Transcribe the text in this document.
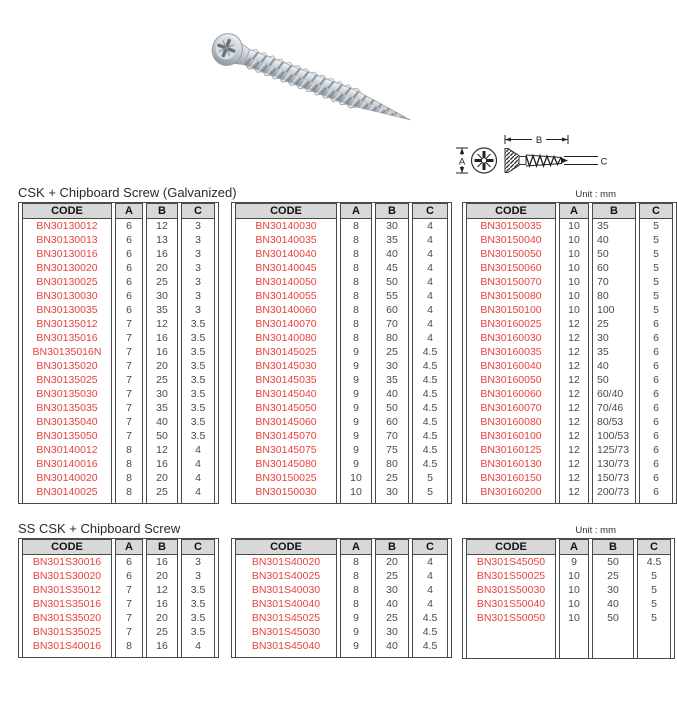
A
B
C
CSK + Chipboard Screw (Galvanized)	Unit : mm
CODE	A	B	C
BN30130012	6	12	3
BN30130013	6	13	3
BN30130016	6	16	3
BN30130020	6	20	3
BN30130025	6	25	3
BN30130030	6	30	3
BN30130035	6	35	3
BN30135012	7	12	3.5
BN30135016	7	16	3.5
BN30135016N	7	16	3.5
BN30135020	7	20	3.5
BN30135025	7	25	3.5
BN30135030	7	30	3.5
BN30135035	7	35	3.5
BN30135040	7	40	3.5
BN30135050	7	50	3.5
BN30140012	8	12	4
BN30140016	8	16	4
BN30140020	8	20	4
BN30140025	8	25	4

CODE	A	B	C
BN30140030	8	30	4
BN30140035	8	35	4
BN30140040	8	40	4
BN30140045	8	45	4
BN30140050	8	50	4
BN30140055	8	55	4
BN30140060	8	60	4
BN30140070	8	70	4
BN30140080	8	80	4
BN30145025	9	25	4.5
BN30145030	9	30	4.5
BN30145035	9	35	4.5
BN30145040	9	40	4.5
BN30145050	9	50	4.5
BN30145060	9	60	4.5
BN30145070	9	70	4.5
BN30145075	9	75	4.5
BN30145080	9	80	4.5
BN30150025	10	25	5
BN30150030	10	30	5

CODE	A	B	C
BN30150035	10	35	5
BN30150040	10	40	5
BN30150050	10	50	5
BN30150060	10	60	5
BN30150070	10	70	5
BN30150080	10	80	5
BN30150100	10	100	5
BN30160025	12	25	6
BN30160030	12	30	6
BN30160035	12	35	6
BN30160040	12	40	6
BN30160050	12	50	6
BN30160060	12	60/40	6
BN30160070	12	70/46	6
BN30160080	12	80/53	6
BN30160100	12	100/53	6
BN30160125	12	125/73	6
BN30160130	12	130/73	6
BN30160150	12	150/73	6
BN30160200	12	200/73	6

SS CSK + Chipboard Screw	Unit : mm
CODE	A	B	C
BN301S30016	6	16	3
BN301S30020	6	20	3
BN301S35012	7	12	3.5
BN301S35016	7	16	3.5
BN301S35020	7	20	3.5
BN301S35025	7	25	3.5
BN301S40016	8	16	4

CODE	A	B	C
BN301S40020	8	20	4
BN301S40025	8	25	4
BN301S40030	8	30	4
BN301S40040	8	40	4
BN301S45025	9	25	4.5
BN301S45030	9	30	4.5
BN301S45040	9	40	4.5

CODE	A	B	C
BN301S45050	9	50	4.5
BN301S50025	10	25	5
BN301S50030	10	30	5
BN301S50040	10	40	5
BN301S50050	10	50	5
